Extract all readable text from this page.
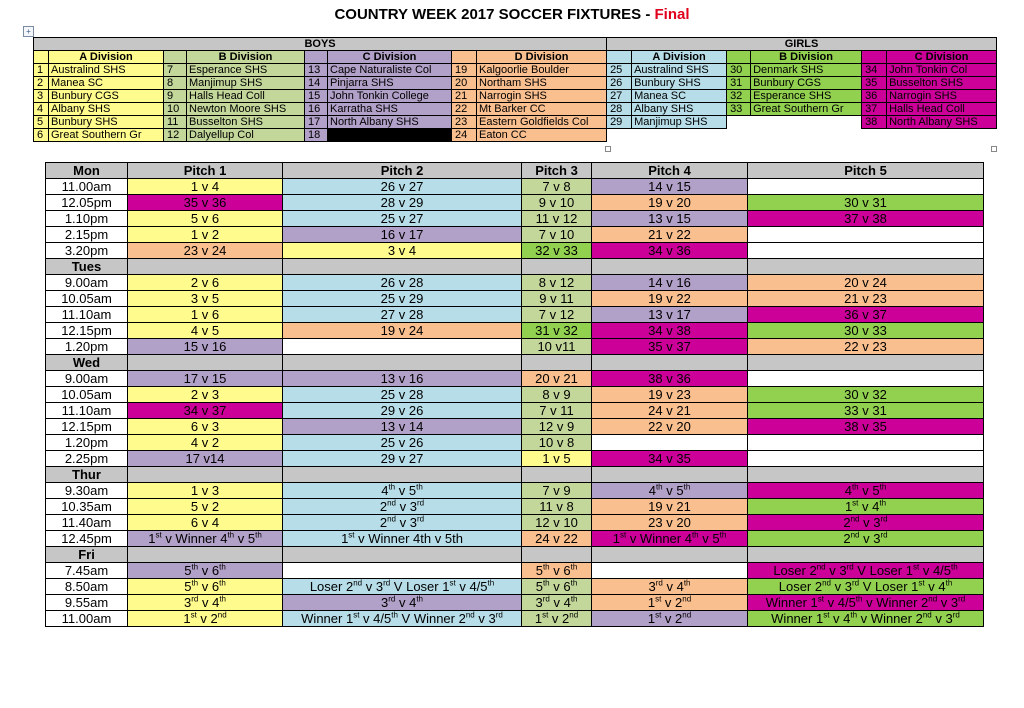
COUNTRY WEEK 2017 SOCCER FIXTURES - Final
+
BOYS								GIRLS					
	A Division		B Division		C Division		D Division		A Division		B Division		C Division
1	Australind SHS	7	Esperance SHS	13	Cape Naturaliste Col	19	Kalgoorlie Boulder	25	Australind SHS	30	Denmark SHS	34	John Tonkin Col
2	Manea SC	8	Manjimup SHS	14	Pinjarra SHS	20	Northam SHS	26	Bunbury SHS	31	Bunbury CGS	35	Busselton SHS
3	Bunbury CGS	9	Halls Head Coll	15	John Tonkin College	21	Narrogin SHS	27	Manea SC	32	Esperance SHS	36	Narrogin SHS
4	Albany SHS	10	Newton Moore SHS	16	Karratha SHS	22	Mt Barker CC	28	Albany SHS	33	Great Southern Gr	37	Halls Head Coll
5	Bunbury SHS	11	Busselton SHS	17	North Albany SHS	23	Eastern Goldfields Col	29	Manjimup SHS			38	North Albany SHS
6	Great Southern Gr	12	Dalyellup Col	18		24	Eaton CC						
Mon	Pitch 1	Pitch 2	Pitch 3	Pitch 4	Pitch 5
11.00am	1 v 4	26 v 27	7 v 8	14 v 15	
12.05pm	35 v 36	28 v 29	9 v 10	19 v 20	30 v 31
1.10pm	5 v 6	25 v 27	11 v 12	13 v 15	37 v 38
2.15pm	1 v 2	16 v 17	7 v 10	21 v 22	
3.20pm	23 v 24	3 v 4	32 v 33	34 v 36	
Tues					
9.00am	2 v 6	26 v 28	8 v 12	14 v 16	20 v 24
10.05am	3 v 5	25 v 29	9 v 11	19 v 22	21 v 23
11.10am	1 v 6	27 v 28	7 v 12	13 v 17	36 v 37
12.15pm	4 v 5	19 v 24	31 v 32	34 v 38	30 v 33
1.20pm	15 v 16		10 v11	35 v 37	22 v 23
Wed					
9.00am	17 v 15	13 v 16	20 v 21	38 v 36	
10.05am	2 v 3	25 v 28	8 v 9	19 v 23	30 v 32
11.10am	34 v 37	29 v 26	7 v 11	24 v 21	33 v 31
12.15pm	6 v 3	13 v 14	12 v 9	22 v 20	38 v 35
1.20pm	4 v 2	25 v 26	10 v 8		
2.25pm	17 v14	29 v 27	1 v 5	34 v 35	
Thur					
9.30am	1 v 3	4th v 5th	7 v 9	4th v 5th	4th v 5th
10.35am	5 v 2	2nd v 3rd	11 v 8	19 v 21	1st v 4th
11.40am	6 v 4	2nd v 3rd	12 v 10	23 v 20	2nd v 3rd
12.45pm	1st v Winner 4th v 5th	1st v Winner 4th v 5th	24 v 22	1st v Winner 4th v 5th	2nd v 3rd
Fri					
7.45am	5th v 6th		5th v 6th		Loser 2nd v 3rd V Loser 1st v 4/5th
8.50am	5th v 6th	Loser 2nd v 3rd V Loser 1st v 4/5th	5th v 6th	3rd v 4th	Loser 2nd v 3rd V Loser 1st v 4th
9.55am	3rd v 4th	3rd v 4th	3rd v 4th	1st v 2nd	Winner 1st v 4/5th v Winner 2nd v 3rd
11.00am	1st v 2nd	Winner 1st v 4/5th V Winner 2nd v 3rd	1st v 2nd	1st v 2nd	Winner 1st v 4th v Winner 2nd v 3rd
